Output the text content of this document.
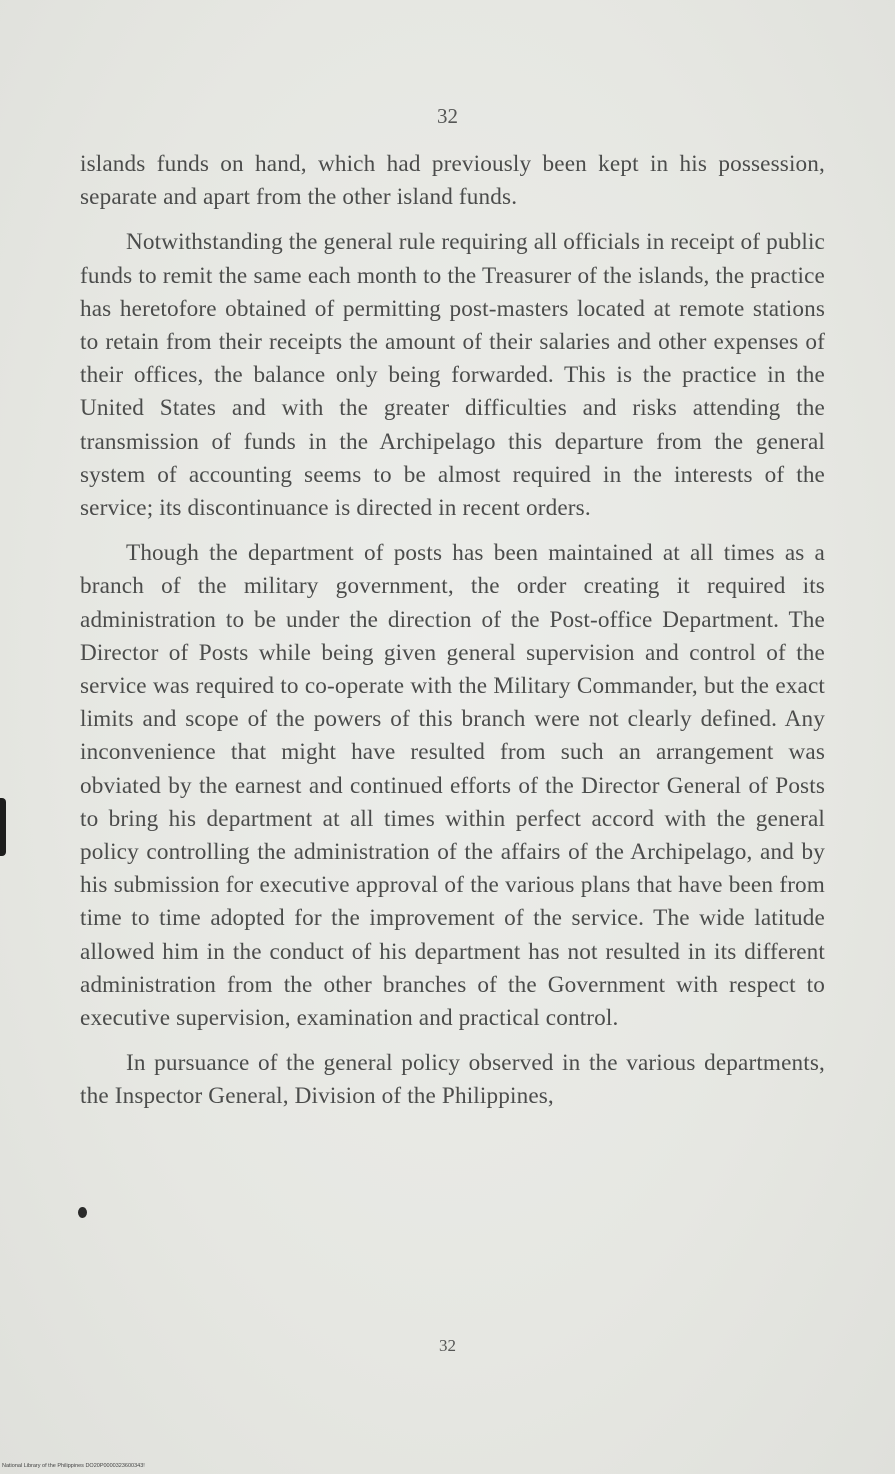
32

islands funds on hand, which had previously been kept in his possession, separate and apart from the other island funds.

Notwithstanding the general rule requiring all officials in receipt of public funds to remit the same each month to the Treasurer of the islands, the practice has heretofore obtained of permitting post-masters located at remote stations to retain from their receipts the amount of their salaries and other expenses of their offices, the balance only being forwarded. This is the practice in the United States and with the greater difficulties and risks attending the transmission of funds in the Archipelago this departure from the general system of accounting seems to be almost required in the interests of the service; its discontinuance is directed in recent orders.

Though the department of posts has been maintained at all times as a branch of the military government, the order creating it required its administration to be under the direction of the Post-office Department. The Director of Posts while being given general supervision and control of the service was required to co-operate with the Military Commander, but the exact limits and scope of the powers of this branch were not clearly defined. Any inconvenience that might have resulted from such an arrangement was obviated by the earnest and continued efforts of the Director General of Posts to bring his department at all times within perfect accord with the general policy controlling the administration of the affairs of the Archipelago, and by his submission for executive approval of the various plans that have been from time to time adopted for the improvement of the service. The wide latitude allowed him in the conduct of his department has not resulted in its different administration from the other branches of the Government with respect to executive supervision, examination and practical control.

In pursuance of the general policy observed in the various departments, the Inspector General, Division of the Philippines,

32
National Library of the Philippines DO20P0000323600343!
